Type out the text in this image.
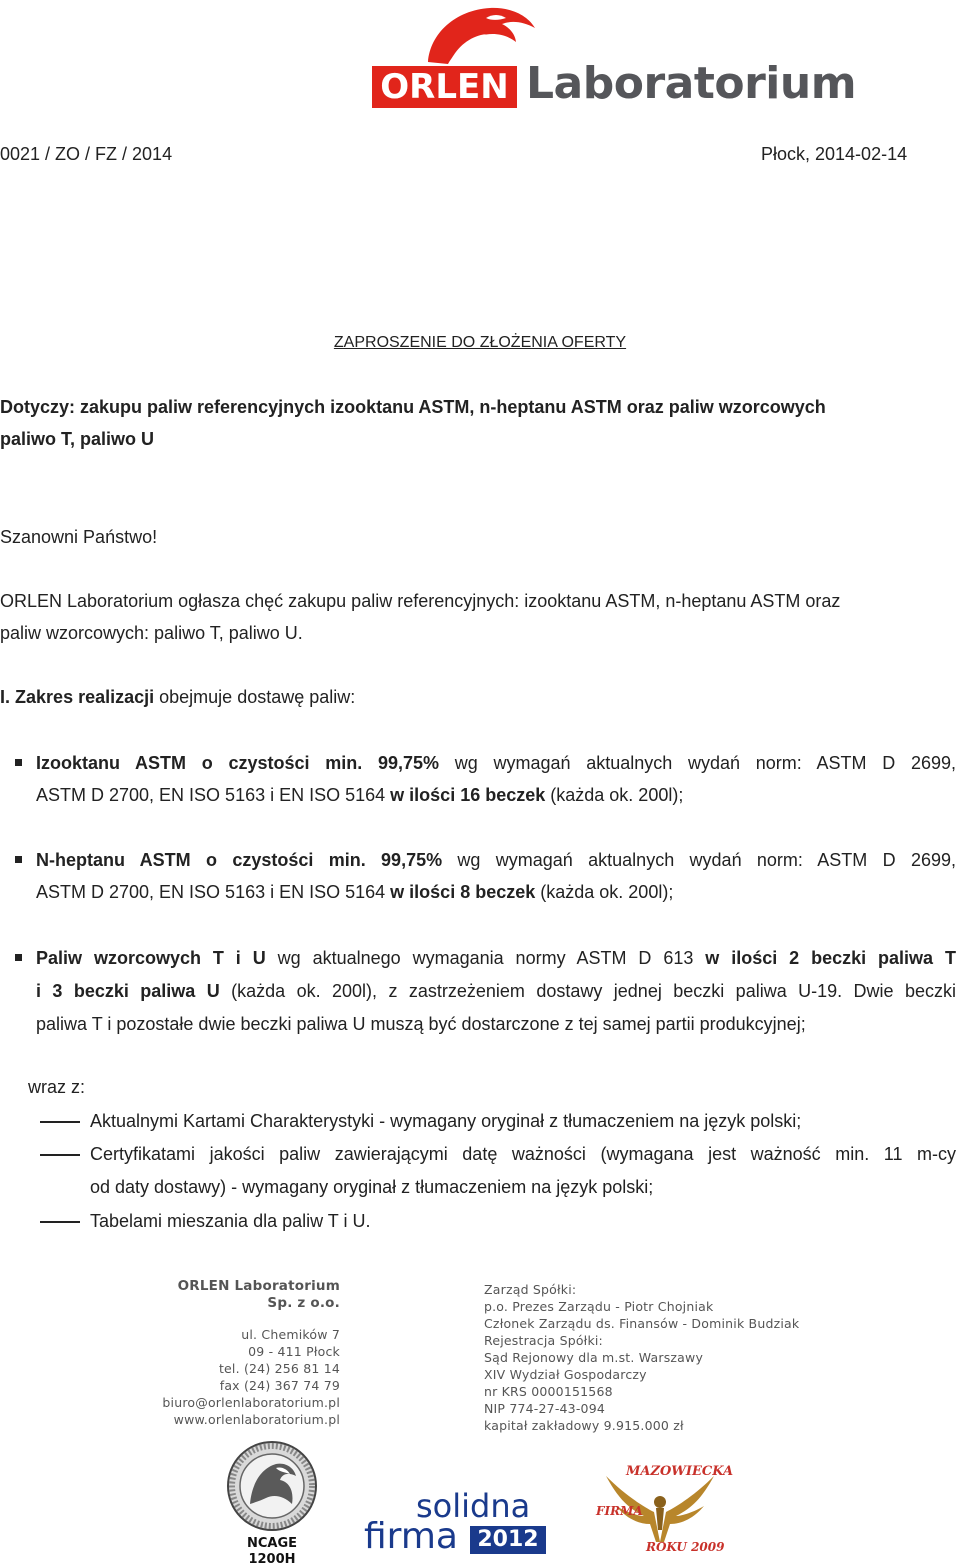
ORLEN Laboratorium
0021 / ZO / FZ / 2014	Płock, 2014-02-14
ZAPROSZENIE DO ZŁOŻENIA OFERTY
Dotyczy: zakupu paliw referencyjnych izooktanu ASTM, n-heptanu ASTM oraz paliw wzorcowych
paliwo T, paliwo U
Szanowni Państwo!
ORLEN Laboratorium ogłasza chęć zakupu paliw referencyjnych: izooktanu ASTM, n-heptanu ASTM oraz
paliw wzorcowych: paliwo T, paliwo U.
I. Zakres realizacji obejmuje dostawę paliw:
Izooktanu ASTM o czystości min. 99,75% wg wymagań aktualnych wydań norm: ASTM D 2699,
ASTM D 2700, EN ISO 5163 i EN ISO 5164 w ilości 16 beczek (każda ok. 200l);
N-heptanu ASTM o czystości min. 99,75% wg wymagań aktualnych wydań norm: ASTM D 2699,
ASTM D 2700, EN ISO 5163 i EN ISO 5164 w ilości 8 beczek (każda ok. 200l);
Paliw wzorcowych T i U wg aktualnego wymagania normy ASTM D 613 w ilości 2 beczki paliwa T
i 3 beczki paliwa U (każda ok. 200l), z zastrzeżeniem dostawy jednej beczki paliwa U-19. Dwie beczki
paliwa T i pozostałe dwie beczki paliwa U muszą być dostarczone z tej samej partii produkcyjnej;
wraz z:
Aktualnymi Kartami Charakterystyki - wymagany oryginał z tłumaczeniem na język polski;
Certyfikatami jakości paliw zawierającymi datę ważności (wymagana jest ważność min. 11 m-cy
od daty dostawy) - wymagany oryginał z tłumaczeniem na język polski;
Tabelami mieszania dla paliw T i U.
ORLEN Laboratorium
Sp. z o.o.
ul. Chemików 7
09 - 411 Płock
tel. (24) 256 81 14
fax (24) 367 74 79
biuro@orlenlaboratorium.pl
www.orlenlaboratorium.pl
Zarząd Spółki:
p.o. Prezes Zarządu - Piotr Chojniak
Członek Zarządu ds. Finansów - Dominik Budziak
Rejestracja Spółki:
Sąd Rejonowy dla m.st. Warszawy
XIV Wydział Gospodarczy
nr KRS 0000151568
NIP 774-27-43-094
kapitał zakładowy 9.915.000 zł
NCAGE 1200H
solidna
firma 2012
MAZOWIECKA
FIRMA
ROKU 2009
